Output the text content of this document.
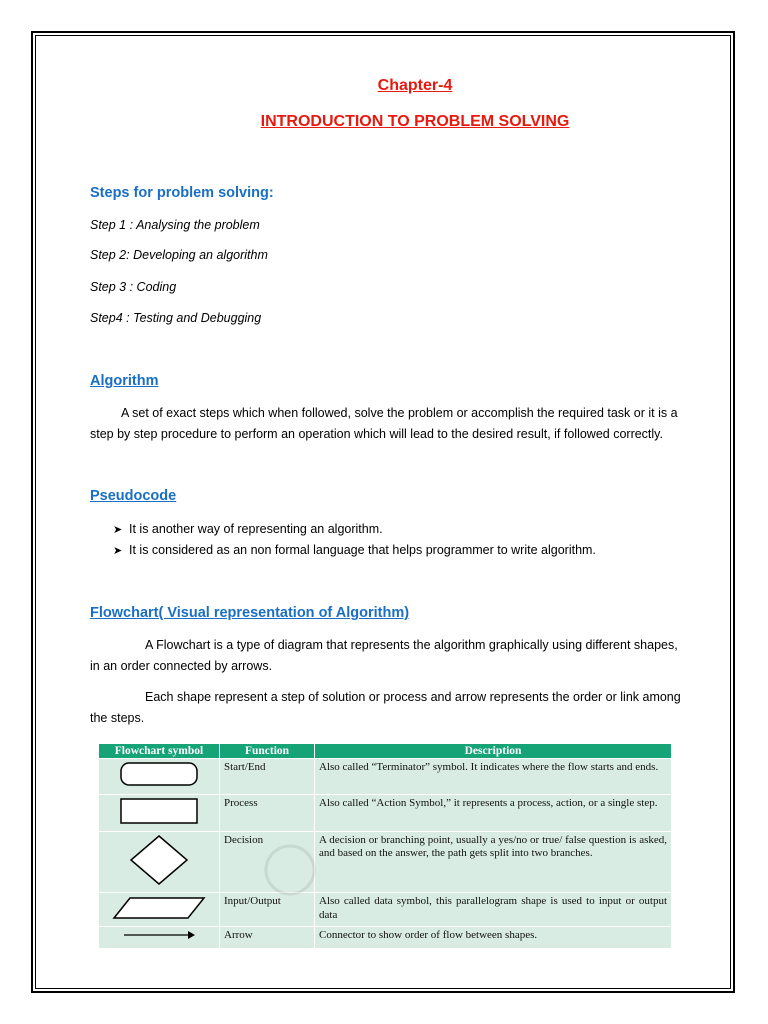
Chapter-4
INTRODUCTION TO PROBLEM SOLVING
Steps for problem solving:
Step 1 : Analysing the problem
Step 2: Developing an algorithm
Step 3 : Coding
Step4 : Testing and Debugging
Algorithm
A set of exact steps which when followed, solve the problem or accomplish the required task or it is a
step by step procedure to perform an operation which will lead to the desired result, if followed correctly.
Pseudocode
➤ It is another way of representing an algorithm.
➤ It is considered as an non formal language that helps programmer to write algorithm.
Flowchart( Visual representation of Algorithm)
A Flowchart is a type of diagram that represents the algorithm graphically using different shapes,
in an order connected by arrows.
Each shape represent a step of solution or process and arrow represents the order or link among
the steps.
Flowchart symbol	Function	Description
	Start/End	Also called “Terminator” symbol. It indicates where the flow starts and ends.
	Process	Also called “Action Symbol,” it represents a process, action, or a single step.
	Decision	A decision or branching point, usually a yes/no or true/ false question is asked, and based on the answer, the path gets split into two branches.
	Input/Output	Also called data symbol, this parallelogram shape is used to input or output data
	Arrow	Connector to show order of flow between shapes.
